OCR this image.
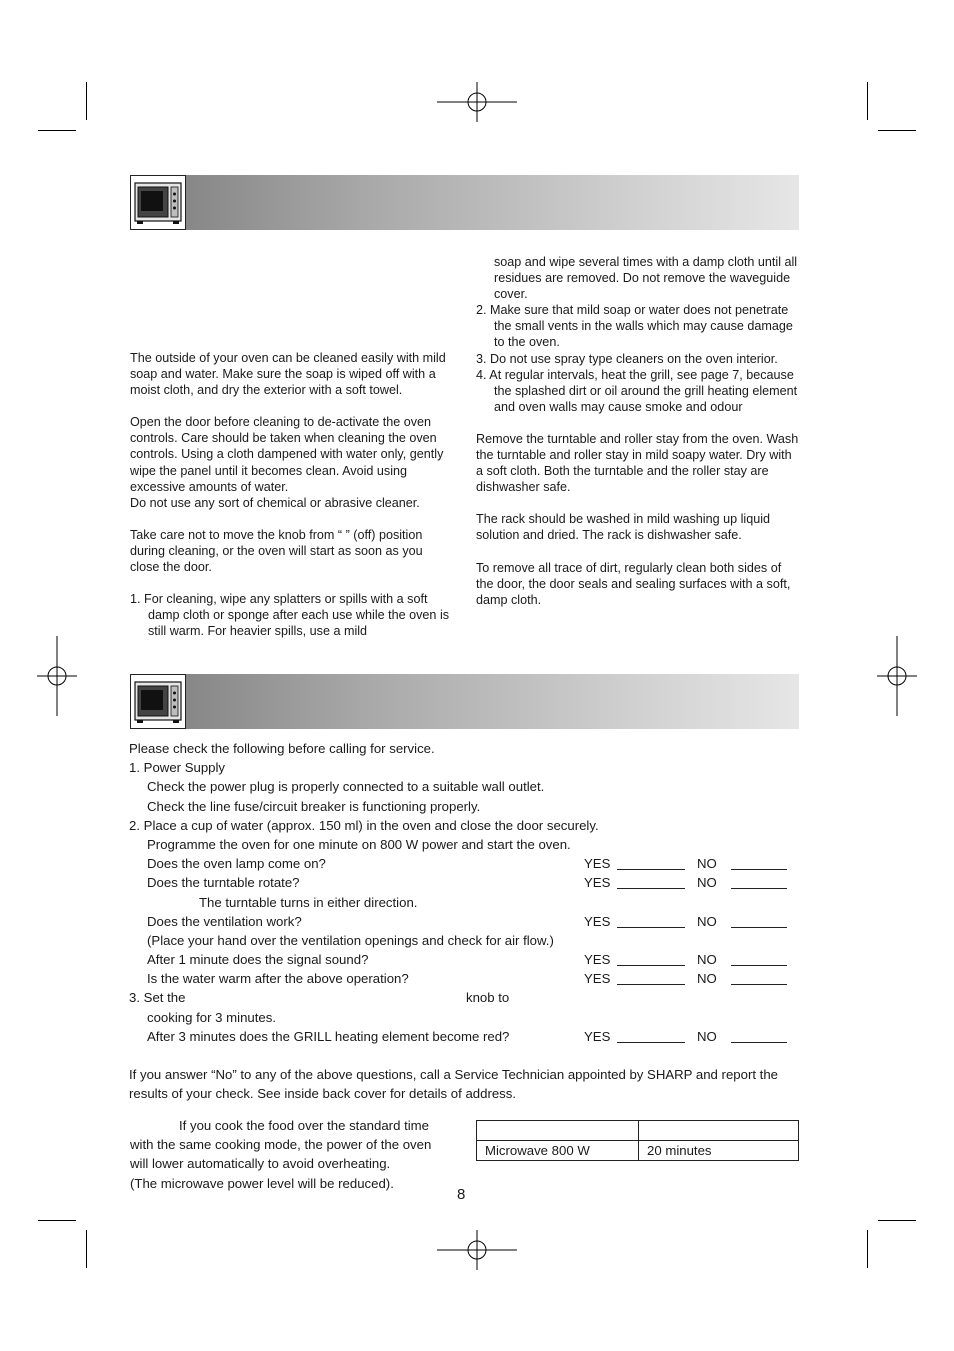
The outside of your oven can be cleaned easily with mild soap and water. Make sure the soap is wiped off with a moist cloth, and dry the exterior with a soft towel.

Open the door before cleaning to de-activate the oven controls. Care should be taken when cleaning the oven controls. Using a cloth dampened with water only, gently wipe the panel until it becomes clean. Avoid using excessive amounts of water.

Do not use any sort of chemical or abrasive cleaner.

Take care not to move the knob from “ ” (off) position during cleaning, or the oven will start as soon as you close the door.

1. For cleaning, wipe any splatters or spills with a soft damp cloth or sponge after each use while the oven is still warm. For heavier spills, use a mild

soap and wipe several times with a damp cloth until all residues are removed. Do not remove the waveguide cover.

2. Make sure that mild soap or water does not penetrate the small vents in the walls which may cause damage to the oven.

3. Do not use spray type cleaners on the oven interior.

4. At regular intervals, heat the grill, see page 7, because the splashed dirt or oil around the grill heating element and oven walls may cause smoke and odour

Remove the turntable and roller stay from the oven. Wash the turntable and roller stay in mild soapy water. Dry with a soft cloth. Both the turntable and the roller stay are dishwasher safe.

The rack should be washed in mild washing up liquid solution and dried. The rack is dishwasher safe.

To remove all trace of dirt, regularly clean both sides of the door, the door seals and sealing surfaces with a soft, damp cloth.

Please check the following before calling for service.
1. Power Supply
Check the power plug is properly connected to a suitable wall outlet.
Check the line fuse/circuit breaker is functioning properly.
2. Place a cup of water (approx. 150 ml) in the oven and close the door securely.
Programme the oven for one minute on 800 W power and start the oven.
Does the oven lamp come on?	YES	NO
Does the turntable rotate?	YES	NO
The turntable turns in either direction.
Does the ventilation work?	YES	NO
(Place your hand over the ventilation openings and check for air flow.)
After 1 minute does the signal sound?	YES	NO
Is the water warm after the above operation?	YES	NO
3. Set the	knob to
cooking for 3 minutes.
After 3 minutes does the GRILL heating element become red?	YES	NO
If you answer “No” to any of the above questions, call a Service Technician appointed by SHARP and report the
results of your check. See inside back cover for details of address.
If you cook the food over the standard time
with the same cooking mode, the power of the oven
will lower automatically to avoid overheating.
(The microwave power level will be reduced).

Microwave 800 W	20 minutes
8
